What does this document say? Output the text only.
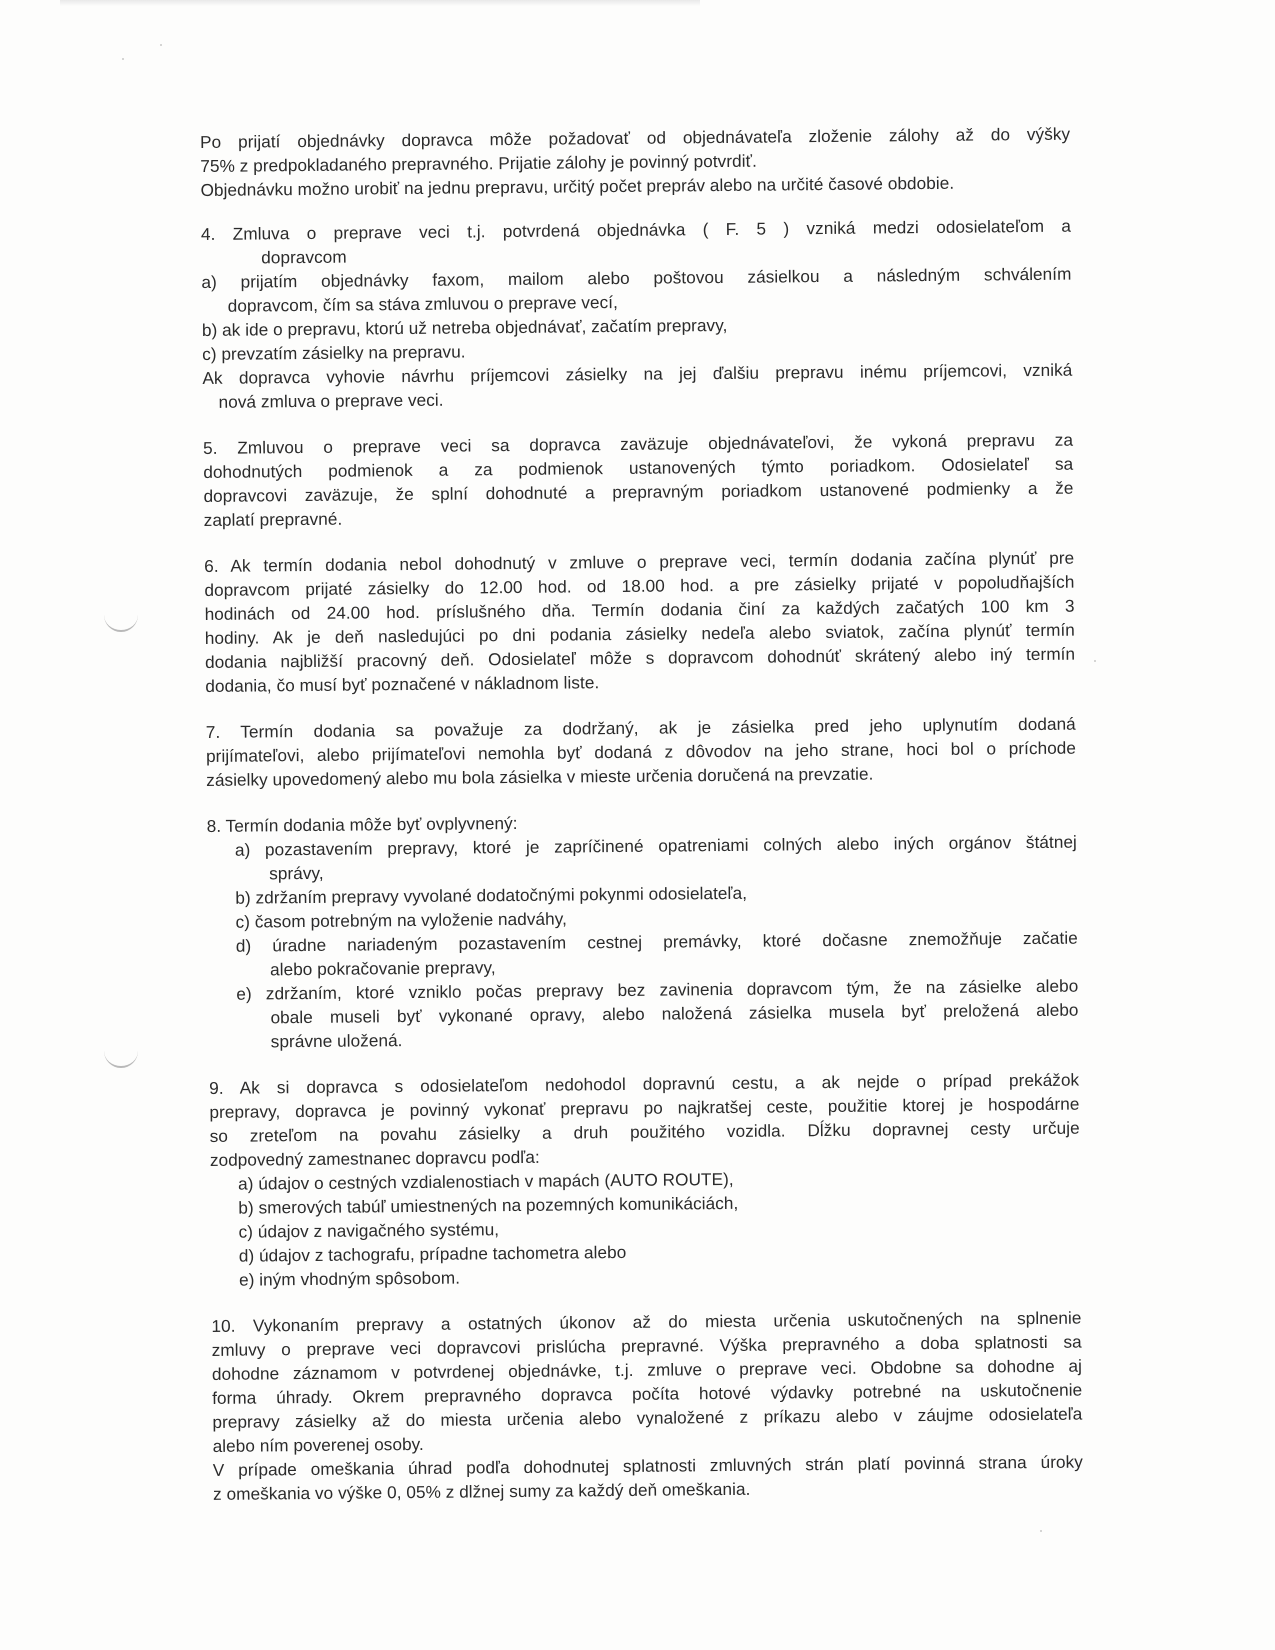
Po prijatí objednávky dopravca môže požadovať od objednávateľa zloženie zálohy až do výšky
75% z predpokladaného prepravného. Prijatie zálohy je povinný potvrdiť.
Objednávku možno urobiť na jednu prepravu, určitý počet prepráv alebo na určité časové obdobie.
4. Zmluva o preprave veci t.j. potvrdená objednávka ( F. 5 ) vzniká medzi odosielateľom a
dopravcom
a) prijatím objednávky faxom, mailom alebo poštovou zásielkou a následným schválením
dopravcom, čím sa stáva zmluvou o preprave vecí,
b) ak ide o prepravu, ktorú už netreba objednávať, začatím prepravy,
c) prevzatím zásielky na prepravu.
Ak dopravca vyhovie návrhu príjemcovi zásielky na jej ďalšiu prepravu inému príjemcovi, vzniká
nová zmluva o preprave veci.
5. Zmluvou o preprave veci sa dopravca zaväzuje objednávateľovi, že vykoná prepravu za
dohodnutých podmienok a za podmienok ustanovených týmto poriadkom. Odosielateľ sa
dopravcovi zaväzuje, že splní dohodnuté a prepravným poriadkom ustanovené podmienky a že
zaplatí prepravné.
6. Ak termín dodania nebol dohodnutý v zmluve o preprave veci, termín dodania začína plynúť pre
dopravcom prijaté zásielky do 12.00 hod. od 18.00 hod. a pre zásielky prijaté v popoludňajších
hodinách od 24.00 hod. príslušného dňa. Termín dodania činí za každých začatých 100 km 3
hodiny. Ak je deň nasledujúci po dni podania zásielky nedeľa alebo sviatok, začína plynúť termín
dodania najbližší pracovný deň. Odosielateľ môže s dopravcom dohodnúť skrátený alebo iný termín
dodania, čo musí byť poznačené v nákladnom liste.
7. Termín dodania sa považuje za dodržaný, ak je zásielka pred jeho uplynutím dodaná
prijímateľovi, alebo prijímateľovi nemohla byť dodaná z dôvodov na jeho strane, hoci bol o príchode
zásielky upovedomený alebo mu bola zásielka v mieste určenia doručená na prevzatie.
8. Termín dodania môže byť ovplyvnený:
a) pozastavením prepravy, ktoré je zapríčinené opatreniami colných alebo iných orgánov štátnej
správy,
b) zdržaním prepravy vyvolané dodatočnými pokynmi odosielateľa,
c) časom potrebným na vyloženie nadváhy,
d) úradne nariadeným pozastavením cestnej premávky, ktoré dočasne znemožňuje začatie
alebo pokračovanie prepravy,
e) zdržaním, ktoré vzniklo počas prepravy bez zavinenia dopravcom tým, že na zásielke alebo
obale museli byť vykonané opravy, alebo naložená zásielka musela byť preložená alebo
správne uložená.
9. Ak si dopravca s odosielateľom nedohodol dopravnú cestu, a ak nejde o prípad prekážok
prepravy, dopravca je povinný vykonať prepravu po najkratšej ceste, použitie ktorej je hospodárne
so zreteľom na povahu zásielky a druh použitého vozidla. Dĺžku dopravnej cesty určuje
zodpovedný zamestnanec dopravcu podľa:
a) údajov o cestných vzdialenostiach v mapách (AUTO ROUTE),
b) smerových tabúľ umiestnených na pozemných komunikáciách,
c) údajov z navigačného systému,
d) údajov z tachografu, prípadne tachometra alebo
e) iným vhodným spôsobom.
10. Vykonaním prepravy a ostatných úkonov až do miesta určenia uskutočnených na splnenie
zmluvy o preprave veci dopravcovi prislúcha prepravné. Výška prepravného a doba splatnosti sa
dohodne záznamom v potvrdenej objednávke, t.j. zmluve o preprave veci. Obdobne sa dohodne aj
forma úhrady. Okrem prepravného dopravca počíta hotové výdavky potrebné na uskutočnenie
prepravy zásielky až do miesta určenia alebo vynaložené z príkazu alebo v záujme odosielateľa
alebo ním poverenej osoby.
V prípade omeškania úhrad podľa dohodnutej splatnosti zmluvných strán platí povinná strana úroky
z omeškania vo výške 0, 05% z dlžnej sumy za každý deň omeškania.
